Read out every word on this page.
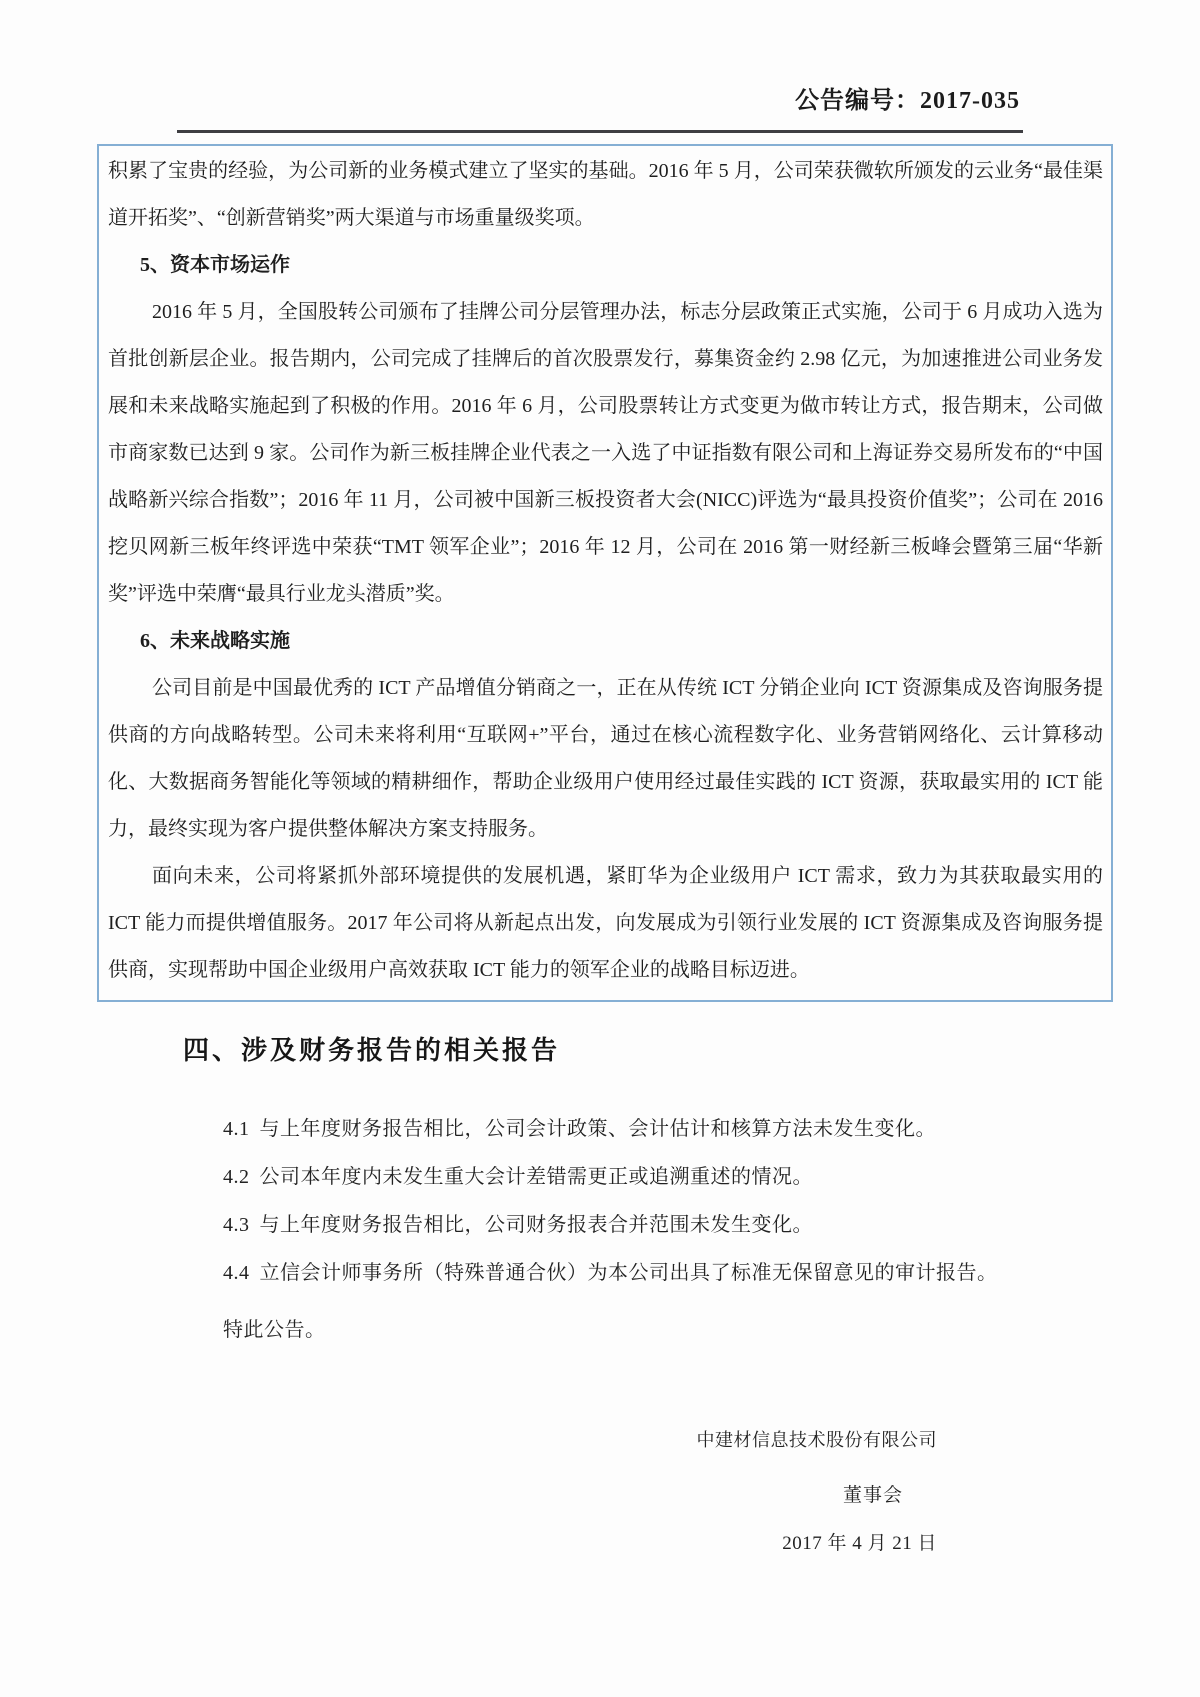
公告编号：2017-035

积累了宝贵的经验，为公司新的业务模式建立了坚实的基础。2016 年 5 月，公司荣获微软所颁发的云业务“最佳渠道开拓奖”、“创新营销奖”两大渠道与市场重量级奖项。

5、资本市场运作

2016 年 5 月，全国股转公司颁布了挂牌公司分层管理办法，标志分层政策正式实施，公司于 6 月成功入选为首批创新层企业。报告期内，公司完成了挂牌后的首次股票发行，募集资金约 2.98 亿元，为加速推进公司业务发展和未来战略实施起到了积极的作用。2016 年 6 月，公司股票转让方式变更为做市转让方式，报告期末，公司做市商家数已达到 9 家。公司作为新三板挂牌企业代表之一入选了中证指数有限公司和上海证券交易所发布的“中国战略新兴综合指数”；2016 年 11 月，公司被中国新三板投资者大会(NICC)评选为“最具投资价值奖”；公司在 2016 挖贝网新三板年终评选中荣获“TMT 领军企业”；2016 年 12 月，公司在 2016 第一财经新三板峰会暨第三届“华新奖”评选中荣膺“最具行业龙头潜质”奖。

6、未来战略实施

公司目前是中国最优秀的 ICT 产品增值分销商之一，正在从传统 ICT 分销企业向 ICT 资源集成及咨询服务提供商的方向战略转型。公司未来将利用“互联网+”平台，通过在核心流程数字化、业务营销网络化、云计算移动化、大数据商务智能化等领域的精耕细作，帮助企业级用户使用经过最佳实践的 ICT 资源，获取最实用的 ICT 能力，最终实现为客户提供整体解决方案支持服务。

面向未来，公司将紧抓外部环境提供的发展机遇，紧盯华为企业级用户 ICT 需求，致力为其获取最实用的 ICT 能力而提供增值服务。2017 年公司将从新起点出发，向发展成为引领行业发展的 ICT 资源集成及咨询服务提供商，实现帮助中国企业级用户高效获取 ICT 能力的领军企业的战略目标迈进。

四、涉及财务报告的相关报告
4.1 与上年度财务报告相比，公司会计政策、会计估计和核算方法未发生变化。
4.2 公司本年度内未发生重大会计差错需更正或追溯重述的情况。
4.3 与上年度财务报告相比，公司财务报表合并范围未发生变化。
4.4 立信会计师事务所（特殊普通合伙）为本公司出具了标准无保留意见的审计报告。
特此公告。
中建材信息技术股份有限公司
董事会
2017 年 4 月 21 日
